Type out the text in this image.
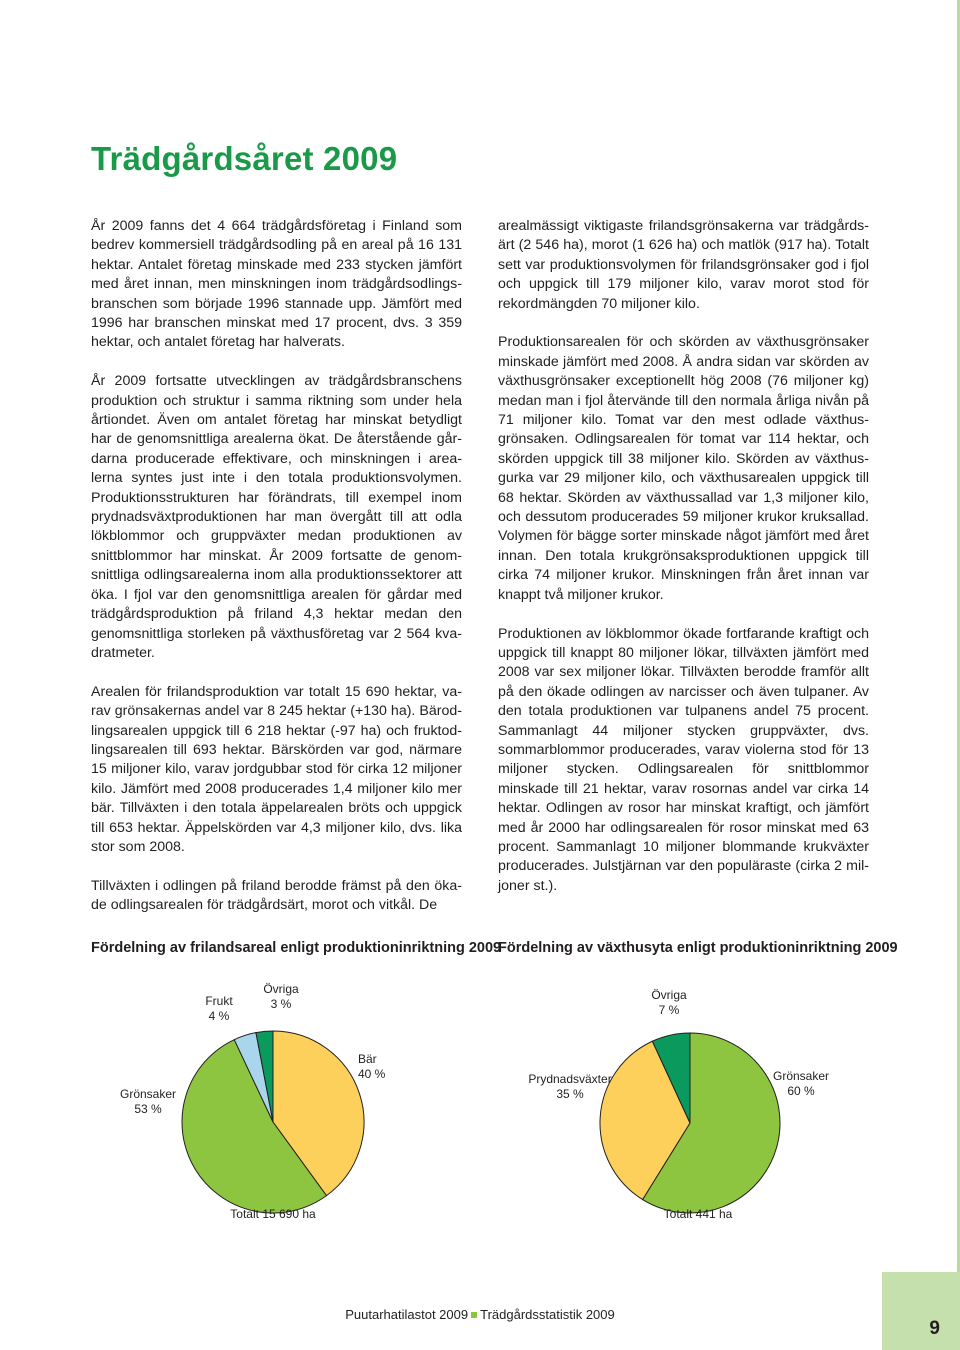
Trädgårdsåret 2009

År 2009 fanns det 4 664 trädgårdsföretag i Finland som bedrev kommersiell trädgårdsodling på en areal på 16 131 hektar. Antalet företag minskade med 233 stycken jämfört med året innan, men minskningen inom trädgårdsodlingsbranschen som började 1996 stannade upp. Jämfört med 1996 har branschen minskat med 17 procent, dvs. 3 359 hektar, och antalet företag har halverats.

År 2009 fortsatte utvecklingen av trädgårdsbranschens produktion och struktur i samma riktning som under hela årtiondet. Även om antalet företag har minskat betydligt har de genomsnittliga arealerna ökat. De återstående gårdarna producerade effektivare, och minskningen i arealerna syntes just inte i den totala produktionsvolymen. Produktionsstrukturen har förändrats, till exempel inom prydnadsväxtproduktionen har man övergått till att odla lökblommor och gruppväxter medan produktionen av snittblommor har minskat. År 2009 fortsatte de genomsnittliga odlingsarealerna inom alla produktionssektorer att öka. I fjol var den genomsnittliga arealen för gårdar med trädgårdsproduktion på friland 4,3 hektar medan den genomsnittliga storleken på växthusföretag var 2 564 kvadratmeter.

Arealen för frilandsproduktion var totalt 15 690 hektar, varav grönsakernas andel var 8 245 hektar (+130 ha). Bärodlingsarealen uppgick till 6 218 hektar (-97 ha) och fruktodlingsarealen till 693 hektar. Bärskörden var god, närmare 15 miljoner kilo, varav jordgubbar stod för cirka 12 miljoner kilo. Jämfört med 2008 producerades 1,4 miljoner kilo mer bär. Tillväxten i den totala äppelarealen bröts och uppgick till 653 hektar. Äppelskörden var 4,3 miljoner kilo, dvs. lika stor som 2008.

Tillväxten i odlingen på friland berodde främst på den ökade odlingsarealen för trädgårdsärt, morot och vitkål. De

arealmässigt viktigaste frilandsgrönsakerna var trädgårdsärt (2 546 ha), morot (1 626 ha) och matlök (917 ha). Totalt sett var produktionsvolymen för frilandsgrönsaker god i fjol och uppgick till 179 miljoner kilo, varav morot stod för rekordmängden 70 miljoner kilo.

Produktionsarealen för och skörden av växthusgrönsaker minskade jämfört med 2008. Å andra sidan var skörden av växthusgrönsaker exceptionellt hög 2008 (76 miljoner kg) medan man i fjol återvände till den normala årliga nivån på 71 miljoner kilo. Tomat var den mest odlade växthusgrönsaken. Odlingsarealen för tomat var 114 hektar, och skörden uppgick till 38 miljoner kilo. Skörden av växthusgurka var 29 miljoner kilo, och växthusarealen uppgick till 68 hektar. Skörden av växthussallad var 1,3 miljoner kilo, och dessutom producerades 59 miljoner krukor kruksallad. Volymen för bägge sorter minskade något jämfört med året innan. Den totala krukgrönsaksproduktionen uppgick till cirka 74 miljoner krukor. Minskningen från året innan var knappt två miljoner krukor.

Produktionen av lökblommor ökade fortfarande kraftigt och uppgick till knappt 80 miljoner lökar, tillväxten jämfört med 2008 var sex miljoner lökar. Tillväxten berodde framför allt på den ökade odlingen av narcisser och även tulpaner. Av den totala produktionen var tulpanens andel 75 procent. Sammanlagt 44 miljoner stycken gruppväxter, dvs. sommarblommor producerades, varav violerna stod för 13 miljoner stycken. Odlingsarealen för snittblommor minskade till 21 hektar, varav rosornas andel var cirka 14 hektar. Odlingen av rosor har minskat kraftigt, och jämfört med år 2000 har odlingsarealen för rosor minskat med 63 procent. Sammanlagt 10 miljoner blommande krukväxter producerades. Julstjärnan var den populäraste (cirka 2 miljoner st.).

Fördelning av frilandsareal enligt produktioninriktning 2009
Bär
40 %
Grönsaker
53 %
Frukt
4 %
Övriga
3 %
Totalt 15 690 ha
Fördelning av växthusyta enligt produktioninriktning 2009
Grönsaker
60 %
Prydnadsväxter
35 %
Övriga
7 %
Totalt 441 ha
Puutarhatilastot 2009 Trädgårdsstatistik 2009
9
